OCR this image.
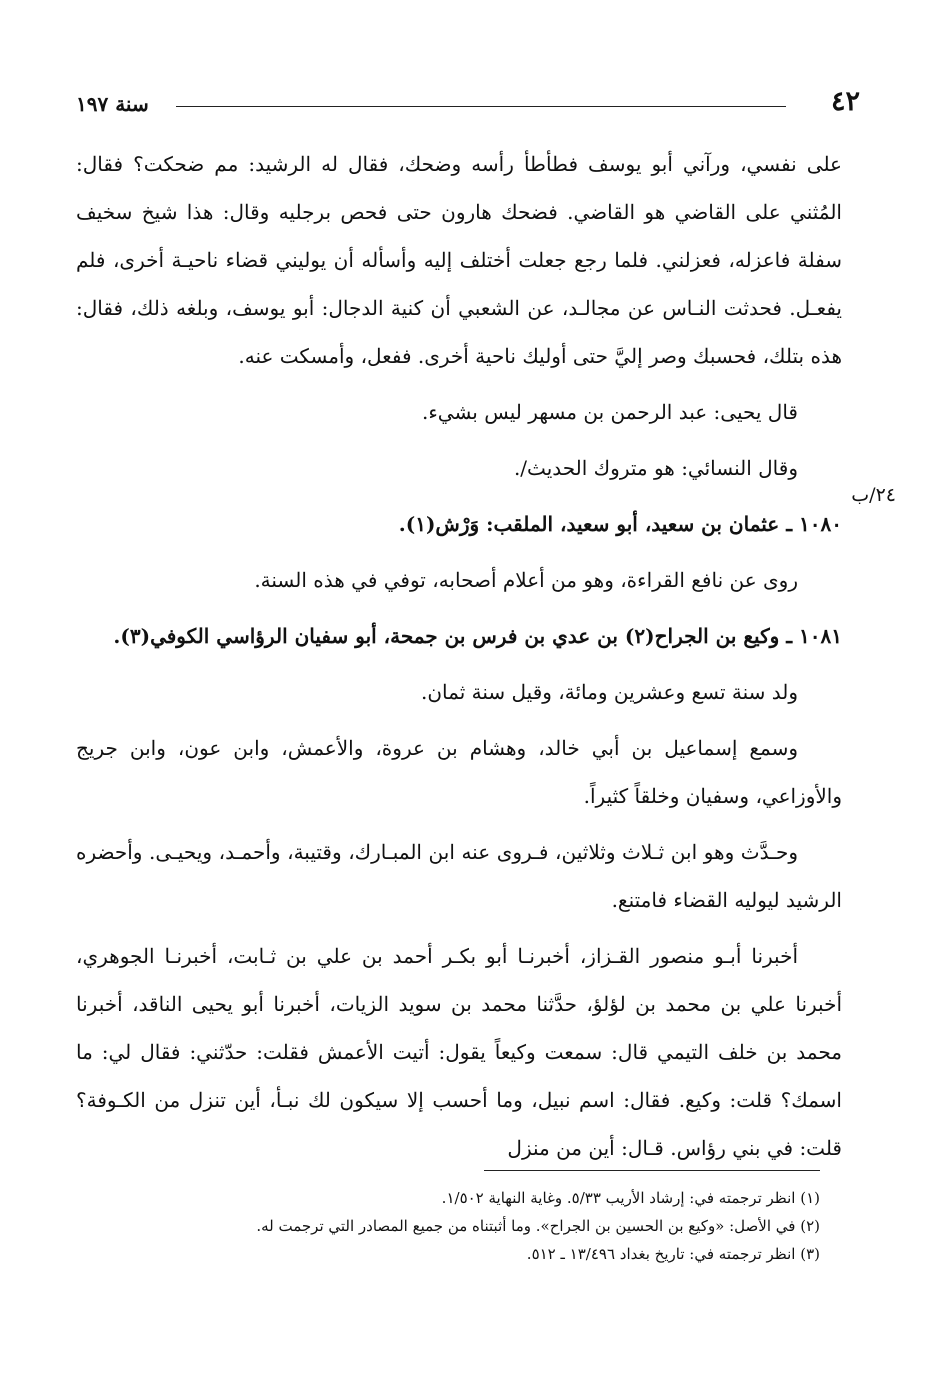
٤٢
سنة ١٩٧
٢٤/ب

على نفسي، ورآني أبو يوسف فطأطأ رأسه وضحك، فقال له الرشيد: مم ضحكت؟ فقال: المُثني على القاضي هو القاضي. فضحك هارون حتى فحص برجليه وقال: هذا شيخ سخيف سفلة فاعزله، فعزلني. فلما رجع جعلت أختلف إليه وأسأله أن يوليني قضاء ناحيـة أخرى، فلم يفعـل. فحدثت النـاس عن مجالـد، عن الشعبي أن كنية الدجال: أبو يوسف، وبلغه ذلك، فقال: هذه بتلك، فحسبك وصر إليَّ حتى أوليك ناحية أخرى. ففعل، وأمسكت عنه.

قال يحيى: عبد الرحمن بن مسهر ليس بشيء.

وقال النسائي: هو متروك الحديث/.

١٠٨٠ ـ عثمان بن سعيد، أبو سعيد، الملقب: وَرْش(١).

روى عن نافع القراءة، وهو من أعلام أصحابه، توفي في هذه السنة.

١٠٨١ ـ وكيع بن الجراح(٢) بن عدي بن فرس بن جمحة، أبو سفيان الرؤاسي الكوفي(٣).

ولد سنة تسع وعشرين ومائة، وقيل سنة ثمان.

وسمع إسماعيل بن أبي خالد، وهشام بن عروة، والأعمش، وابن عون، وابن جريج والأوزاعي، وسفيان وخلقاً كثيراً.

وحـدَّث وهو ابن ثـلاث وثلاثين، فـروى عنه ابن المبـارك، وقتيبة، وأحمـد، ويحيـى. وأحضره الرشيد ليوليه القضاء فامتنع.

أخبرنا أبـو منصور القـزاز، أخبرنـا أبو بكـر أحمد بن علي بن ثـابت، أخبرنـا الجوهري، أخبرنا علي بن محمد بن لؤلؤ، حدَّثنا محمد بن سويد الزيات، أخبرنا أبو يحيى الناقد، أخبرنا محمد بن خلف التيمي قال: سمعت وكيعاً يقول: أتيت الأعمش فقلت: حدّثني: فقال لي: ما اسمك؟ قلت: وكيع. فقال: اسم نبيل، وما أحسب إلا سيكون لك نبـأ، أين تنزل من الكـوفة؟ قلت: في بني رؤاس. قـال: أين من منزل

(١) انظر ترجمته في: إرشاد الأريب ٥/٣٣. وغاية النهاية ١/٥٠٢.

(٢) في الأصل: «وكيع بن الحسين بن الجراح». وما أثبتناه من جميع المصادر التي ترجمت له.

(٣) انظر ترجمته في: تاريخ بغداد ١٣/٤٩٦ ـ ٥١٢.
